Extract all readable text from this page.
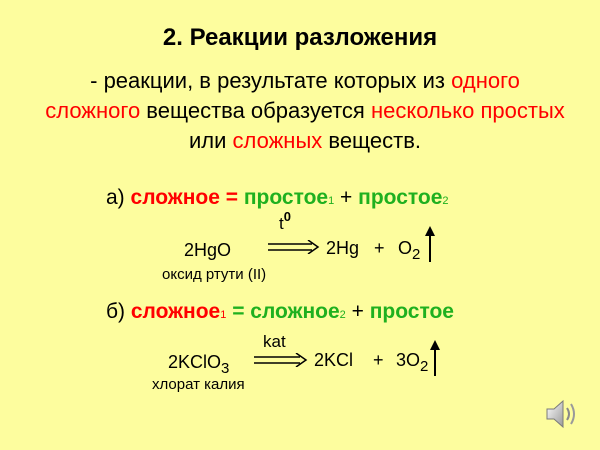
2. Реакции разложения
- реакции, в результате которых из одного сложного вещества образуется несколько простых или сложных веществ.
а) сложное = простое1 + простое2
2HgO
$t^0$
$2Hg + O_2$
оксид ртути (II)
б) сложное1 = сложное2 + простое
2KClO$_3$
kat
$2KCl + 3O_2$
хлорат калия
